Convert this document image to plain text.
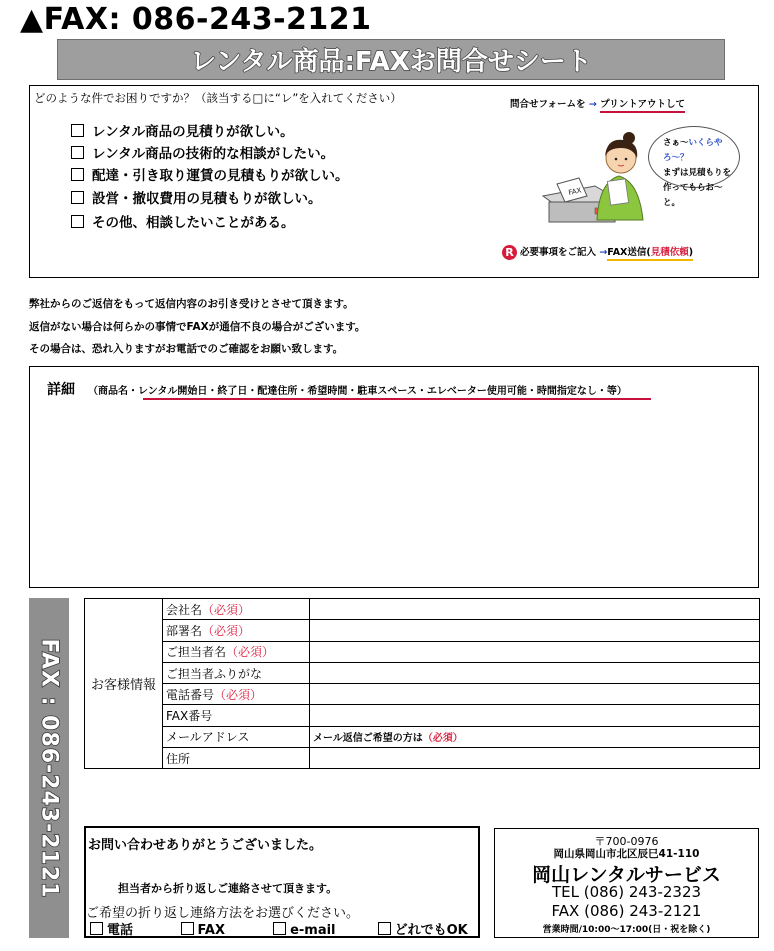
▲FAX: 086-243-2121
レンタル商品:FAXお問合せシート
どのような件でお困りですか？（該当する□に“レ”を入れてください）
レンタル商品の見積りが欲しい。
レンタル商品の技術的な相談がしたい。
配達・引き取り運賃の見積もりが欲しい。
設営・撤収費用の見積もりが欲しい。
その他、相談したいことがある。
問合せフォームを → プリントアウトして
FAX
さぁ〜いくらやろ〜？
まずは見積もりを
作ってもらお〜と。
R 必要事項をご記入 →FAX送信(見積依頼)
弊社からのご返信をもって返信内容のお引き受けとさせて頂きます。
返信がない場合は何らかの事情でFAXが通信不良の場合がございます。
その場合は、恐れ入りますがお電話でのご確認をお願い致します。
詳細 （商品名・レンタル開始日・終了日・配達住所・希望時間・駐車スペース・エレベーター使用可能・時間指定なし・等）
FAX : 086-243-2121 お客様情報	会社名（必須）	
	部署名（必須）	
	ご担当者名（必須）	
	ご担当者ふりがな	
	電話番号（必須）	
	FAX番号	
	メールアドレス	メール返信ご希望の方は（必須）
	住所	
お問い合わせありがとうございました。
担当者から折り返しご連絡させて頂きます。
ご希望の折り返し連絡方法をお選びください。
電話	FAX	e-mail	どれでもOK
〒700-0976
岡山県岡山市北区辰巳41-110
岡山レンタルサービス
TEL (086) 243-2323
FAX (086) 243-2121
営業時間/10:00〜17:00(日・祝を除く)
